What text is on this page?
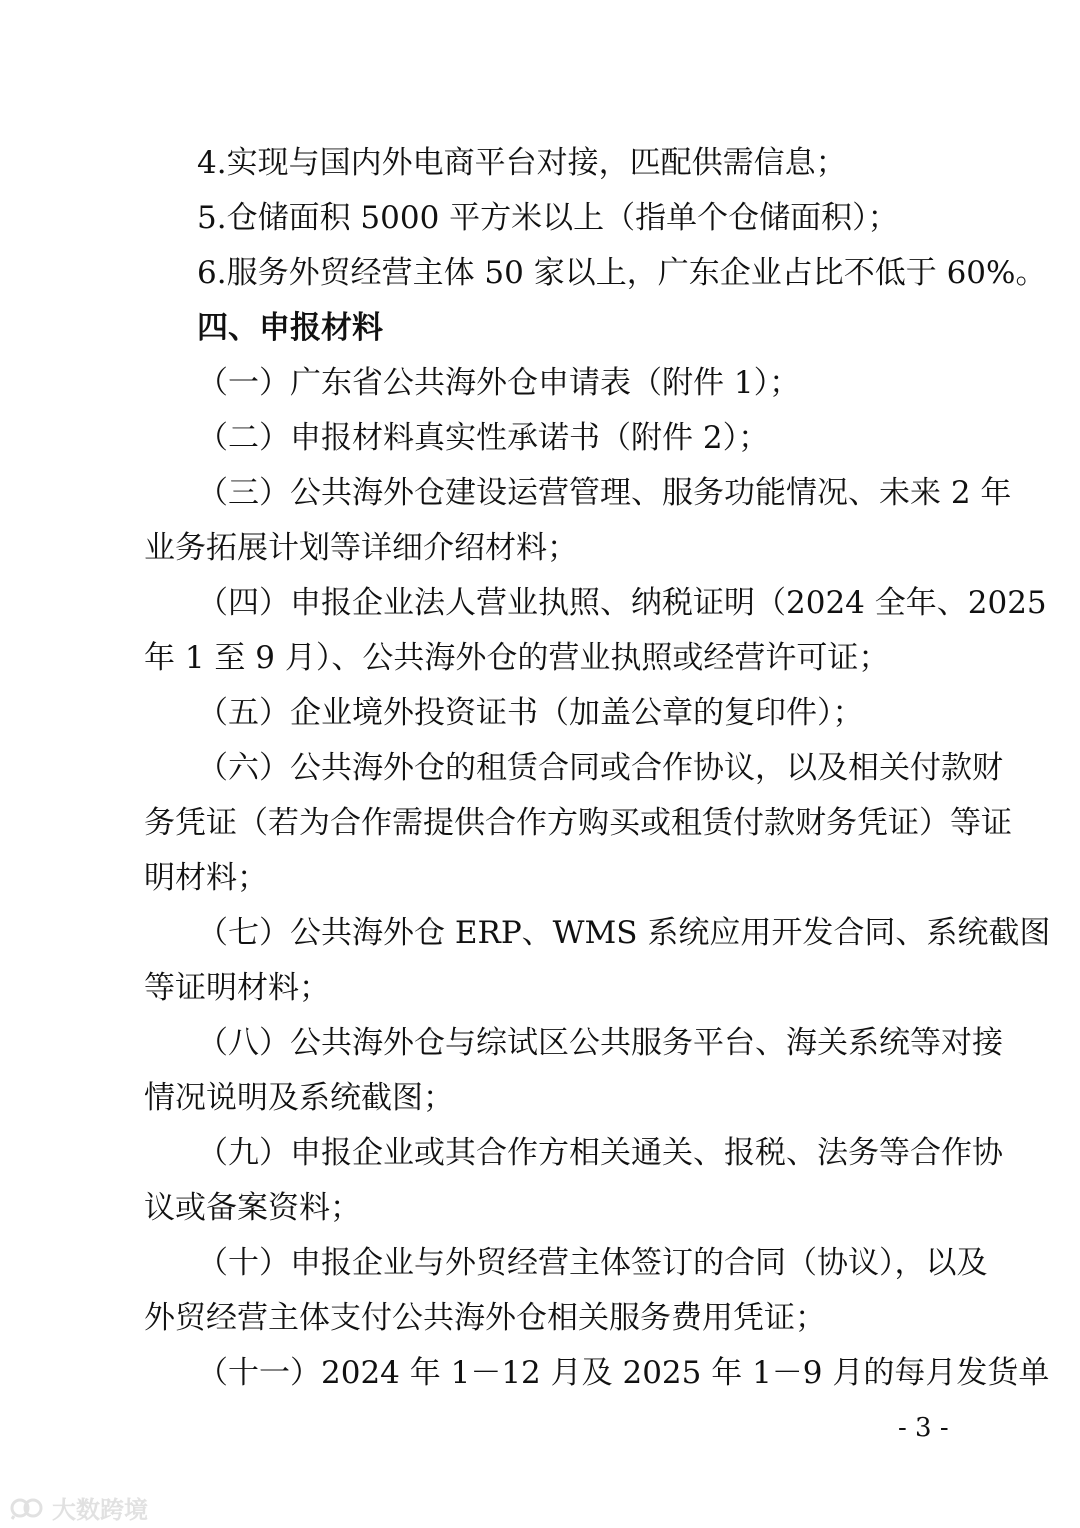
4.实现与国内外电商平台对接，匹配供需信息；
5.仓储面积 5000 平方米以上（指单个仓储面积）；
6.服务外贸经营主体 50 家以上，广东企业占比不低于 60%。
四、申报材料
（一）广东省公共海外仓申请表（附件 1）；
（二）申报材料真实性承诺书（附件 2）；
（三）公共海外仓建设运营管理、服务功能情况、未来 2 年
业务拓展计划等详细介绍材料；
（四）申报企业法人营业执照、纳税证明（2024 全年、2025
年 1 至 9 月）、公共海外仓的营业执照或经营许可证；
（五）企业境外投资证书（加盖公章的复印件）；
（六）公共海外仓的租赁合同或合作协议，以及相关付款财
务凭证（若为合作需提供合作方购买或租赁付款财务凭证）等证
明材料；
（七）公共海外仓 ERP、WMS 系统应用开发合同、系统截图
等证明材料；
（八）公共海外仓与综试区公共服务平台、海关系统等对接
情况说明及系统截图；
（九）申报企业或其合作方相关通关、报税、法务等合作协
议或备案资料；
（十）申报企业与外贸经营主体签订的合同（协议），以及
外贸经营主体支付公共海外仓相关服务费用凭证；
（十一）2024 年 1－12 月及 2025 年 1－9 月的每月发货单
- 3 -
大数跨境
